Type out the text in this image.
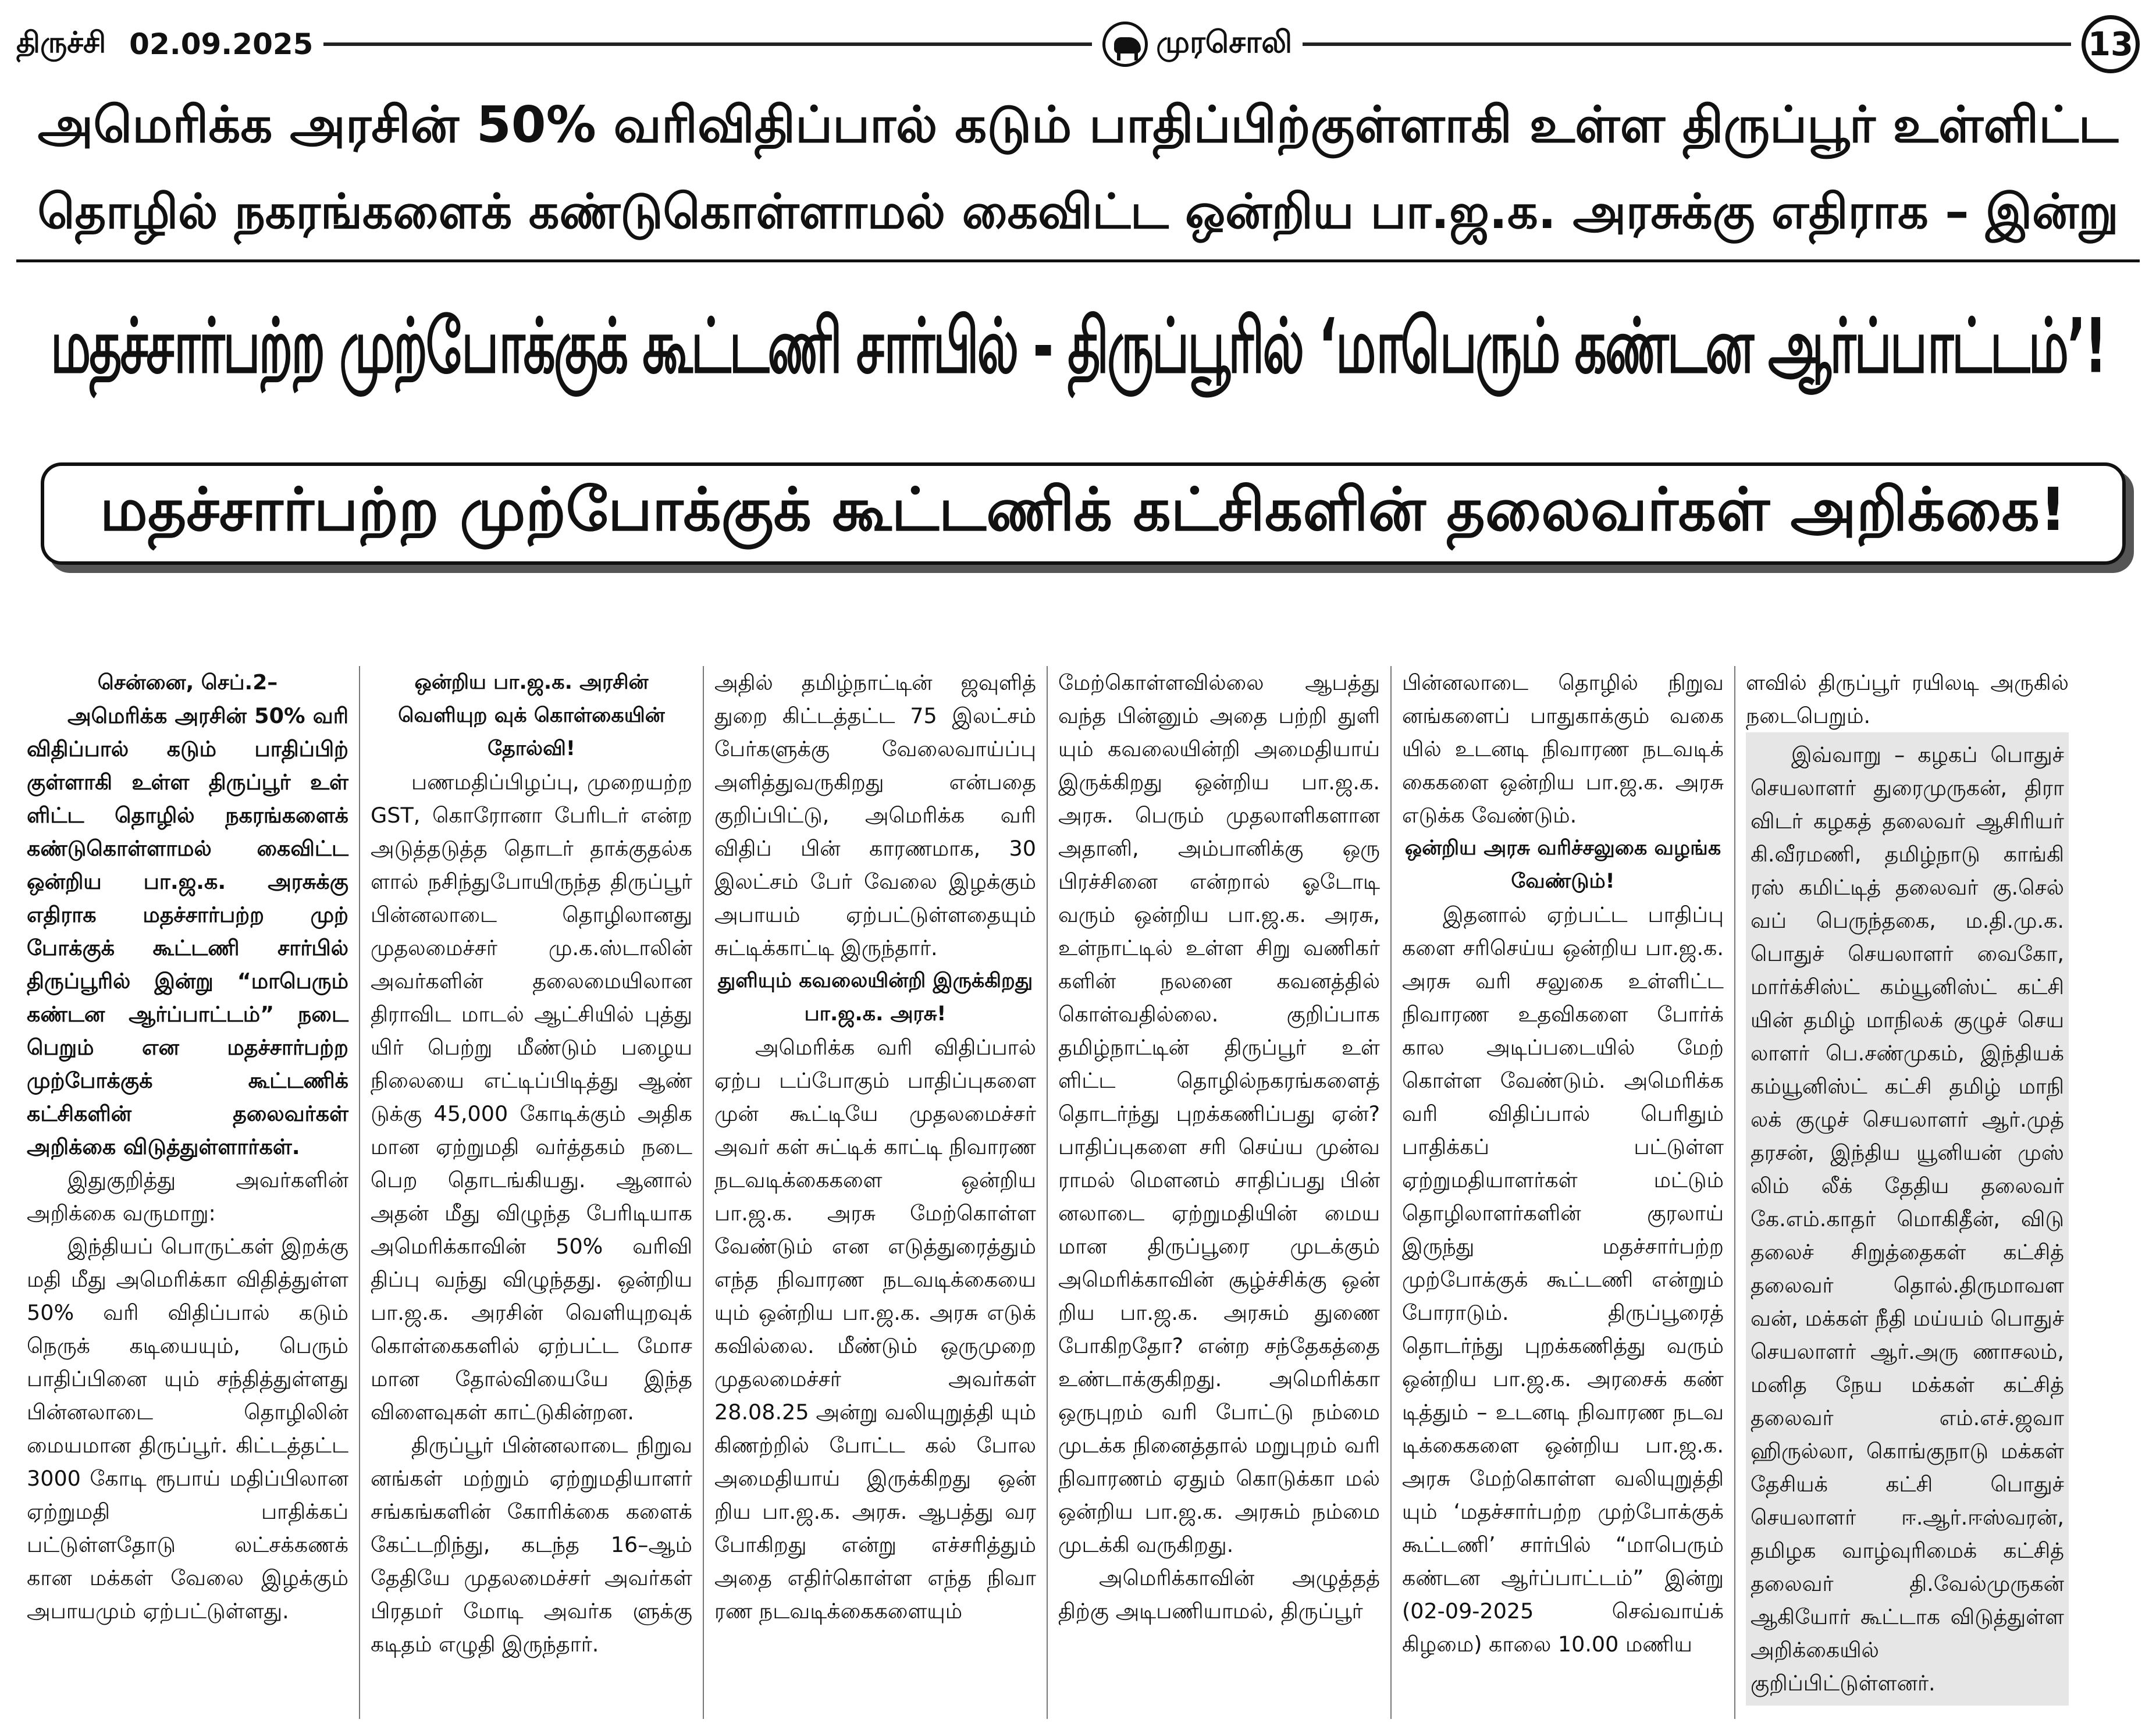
திருச்சி 02.09.2025	முரசொலி	13
அமெரிக்க அரசின் 50% வரிவிதிப்பால் கடும் பாதிப்பிற்குள்ளாகி உள்ள திருப்பூர் உள்ளிட்ட
தொழில் நகரங்களைக் கண்டுகொள்ளாமல் கைவிட்ட ஒன்றிய பா.ஜ.க. அரசுக்கு எதிராக – இன்று
மதச்சார்பற்ற முற்போக்குக் கூட்டணி சார்பில் - திருப்பூரில் ‘மாபெரும் கண்டன ஆர்ப்பாட்டம்’!
மதச்சார்பற்ற முற்போக்குக் கூட்டணிக் கட்சிகளின் தலைவர்கள் அறிக்கை!

சென்னை, செப்.2–

அமெரிக்க அரசின் 50% வரி விதிப்பால் கடும் பாதிப்பிற் குள்ளாகி உள்ள திருப்பூர் உள் ளிட்ட தொழில் நகரங்களைக் கண்டுகொள்ளாமல் கைவிட்ட ஒன்றிய பா.ஜ.க. அரசுக்கு எதிராக மதச்சார்பற்ற முற் போக்குக் கூட்டணி சார்பில் திருப்பூரில் இன்று “மாபெரும் கண்டன ஆர்ப்பாட்டம்” நடை பெறும் என மதச்சார்பற்ற முற்போக்குக் கூட்டணிக் கட்சிகளின் தலைவர்கள் அறிக்கை விடுத்துள்ளார்கள்.

இதுகுறித்து அவர்களின் அறிக்கை வருமாறு:

இந்தியப் பொருட்கள் இறக்கு மதி மீது அமெரிக்கா விதித்துள்ள 50% வரி விதிப்பால் கடும் நெருக் கடியையும், பெரும் பாதிப்பினை யும் சந்தித்துள்ளது பின்னலாடை தொழிலின் மையமான திருப்பூர். கிட்டத்தட்ட 3000 கோடி ரூபாய் மதிப்பிலான ஏற்றுமதி பாதிக்கப் பட்டுள்ளதோடு லட்சக்கணக் கான மக்கள் வேலை இழக்கும் அபாயமும் ஏற்பட்டுள்ளது.

ஒன்றிய பா.ஜ.க. அரசின் வெளியுற வுக் கொள்கையின் தோல்வி!

பணமதிப்பிழப்பு, முறையற்ற GST, கொரோனா பேரிடர் என்ற அடுத்தடுத்த தொடர் தாக்குதல்க ளால் நசிந்துபோயிருந்த திருப்பூர் பின்னலாடை தொழிலானது முதலமைச்சர் மு.க.ஸ்டாலின் அவர்களின் தலைமையிலான திராவிட மாடல் ஆட்சியில் புத்து யிர் பெற்று மீண்டும் பழைய நிலையை எட்டிப்பிடித்து ஆண் டுக்கு 45,000 கோடிக்கும் அதிக மான ஏற்றுமதி வர்த்தகம் நடை பெற தொடங்கியது. ஆனால் அதன் மீது விழுந்த பேரிடியாக அமெரிக்காவின் 50% வரிவி திப்பு வந்து விழுந்தது. ஒன்றிய பா.ஜ.க. அரசின் வெளியுறவுக் கொள்கைகளில் ஏற்பட்ட மோச மான தோல்வியையே இந்த விளைவுகள் காட்டுகின்றன.

திருப்பூர் பின்னலாடை நிறுவ னங்கள் மற்றும் ஏற்றுமதியாளர் சங்கங்களின் கோரிக்கை களைக் கேட்டறிந்து, கடந்த 16–ஆம் தேதியே முதலமைச்சர் அவர்கள் பிரதமர் மோடி அவர்க ளுக்கு கடிதம் எழுதி இருந்தார்.

அதில் தமிழ்நாட்டின் ஜவுளித் துறை கிட்டத்தட்ட 75 இலட்சம் பேர்களுக்கு வேலைவாய்ப்பு அளித்துவருகிறது என்பதை குறிப்பிட்டு, அமெரிக்க வரி விதிப் பின் காரணமாக, 30 இலட்சம் பேர் வேலை இழக்கும் அபாயம் ஏற்பட்டுள்ளதையும் சுட்டிக்காட்டி இருந்தார்.

துளியும் கவலையின்றி இருக்கிறது பா.ஜ.க. அரசு!

அமெரிக்க வரி விதிப்பால் ஏற்ப டப்போகும் பாதிப்புகளை முன் கூட்டியே முதலமைச்சர் அவர் கள் சுட்டிக் காட்டி நிவாரண நடவடிக்கைகளை ஒன்றிய பா.ஜ.க. அரசு மேற்கொள்ள வேண்டும் என எடுத்துரைத்தும் எந்த நிவாரண நடவடிக்கையை யும் ஒன்றிய பா.ஜ.க. அரசு எடுக் கவில்லை. மீண்டும் ஒருமுறை முதலமைச்சர் அவர்கள் 28.08.25 அன்று வலியுறுத்தி யும் கிணற்றில் போட்ட கல் போல அமைதியாய் இருக்கிறது ஒன் றிய பா.ஜ.க. அரசு. ஆபத்து வர போகிறது என்று எச்சரித்தும் அதை எதிர்கொள்ள எந்த நிவா ரண நடவடிக்கைகளையும்

மேற்கொள்ளவில்லை ஆபத்து வந்த பின்னும் அதை பற்றி துளி யும் கவலையின்றி அமைதியாய் இருக்கிறது ஒன்றிய பா.ஜ.க. அரசு. பெரும் முதலாளிகளான அதானி, அம்பானிக்கு ஒரு பிரச்சினை என்றால் ஓடோடி வரும் ஒன்றிய பா.ஜ.க. அரசு, உள்நாட்டில் உள்ள சிறு வணிகர் களின் நலனை கவனத்தில் கொள்வதில்லை. குறிப்பாக தமிழ்நாட்டின் திருப்பூர் உள் ளிட்ட தொழில்நகரங்களைத் தொடர்ந்து புறக்கணிப்பது ஏன்? பாதிப்புகளை சரி செய்ய முன்வ ராமல் மௌனம் சாதிப்பது பின் னலாடை ஏற்றுமதியின் மைய மான திருப்பூரை முடக்கும் அமெரிக்காவின் சூழ்ச்சிக்கு ஒன் றிய பா.ஜ.க. அரசும் துணை போகிறதோ? என்ற சந்தேகத்தை உண்டாக்குகிறது. அமெரிக்கா ஒருபுறம் வரி போட்டு நம்மை முடக்க நினைத்தால் மறுபுறம் வரி நிவாரணம் ஏதும் கொடுக்கா மல் ஒன்றிய பா.ஜ.க. அரசும் நம்மை முடக்கி வருகிறது.

அமெரிக்காவின் அழுத்தத் திற்கு அடிபணியாமல், திருப்பூர்

பின்னலாடை தொழில் நிறுவ னங்களைப் பாதுகாக்கும் வகை யில் உடனடி நிவாரண நடவடிக் கைகளை ஒன்றிய பா.ஜ.க. அரசு எடுக்க வேண்டும்.

ஒன்றிய அரசு வரிச்சலுகை வழங்க வேண்டும்!

இதனால் ஏற்பட்ட பாதிப்பு களை சரிசெய்ய ஒன்றிய பா.ஜ.க. அரசு வரி சலுகை உள்ளிட்ட நிவாரண உதவிகளை போர்க் கால அடிப்படையில் மேற் கொள்ள வேண்டும். அமெரிக்க வரி விதிப்பால் பெரிதும் பாதிக்கப் பட்டுள்ள ஏற்றுமதியாளர்கள் மட்டும் தொழிலாளர்களின் குரலாய் இருந்து மதச்சார்பற்ற முற்போக்குக் கூட்டணி என்றும் போராடும். திருப்பூரைத் தொடர்ந்து புறக்கணித்து வரும் ஒன்றிய பா.ஜ.க. அரசைக் கண் டித்தும் – உடனடி நிவாரண நடவ டிக்கைகளை ஒன்றிய பா.ஜ.க. அரசு மேற்கொள்ள வலியுறுத்தி யும் ‘மதச்சார்பற்ற முற்போக்குக் கூட்டணி’ சார்பில் “மாபெரும் கண்டன ஆர்ப்பாட்டம்” இன்று (02-09-2025 செவ்வாய்க் கிழமை) காலை 10.00 மணிய

ளவில் திருப்பூர் ரயிலடி அருகில் நடைபெறும்.

இவ்வாறு – கழகப் பொதுச் செயலாளர் துரைமுருகன், திரா விடர் கழகத் தலைவர் ஆசிரியர் கி.வீரமணி, தமிழ்நாடு காங்கி ரஸ் கமிட்டித் தலைவர் கு.செல் வப் பெருந்தகை, ம.தி.மு.க. பொதுச் செயலாளர் வைகோ, மார்க்சிஸ்ட் கம்யூனிஸ்ட் கட்சி யின் தமிழ் மாநிலக் குழுச் செய லாளர் பெ.சண்முகம், இந்தியக் கம்யூனிஸ்ட் கட்சி தமிழ் மாநி லக் குழுச் செயலாளர் ஆர்.முத் தரசன், இந்திய யூனியன் முஸ் லிம் லீக் தேதிய தலைவர் கே.எம்.காதர் மொகிதீன், விடு தலைச் சிறுத்தைகள் கட்சித் தலைவர் தொல்.திருமாவள வன், மக்கள் நீதி மய்யம் பொதுச் செயலாளர் ஆர்.அரு ணாசலம், மனித நேய மக்கள் கட்சித் தலைவர் எம்.எச்.ஜவா ஹிருல்லா, கொங்குநாடு மக்கள் தேசியக் கட்சி பொதுச் செயலாளர் ஈ.ஆர்.ஈஸ்வரன், தமிழக வாழ்வுரிமைக் கட்சித் தலைவர் தி.வேல்முருகன் ஆகியோர் கூட்டாக விடுத்துள்ள அறிக்கையில் குறிப்பிட்டுள்ளனர்.
